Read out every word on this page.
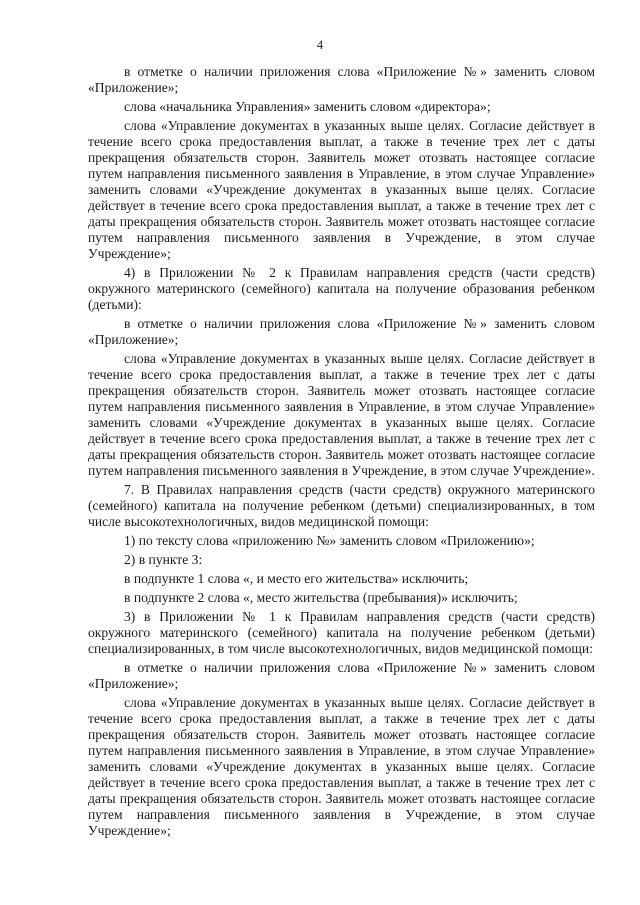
4

в отметке о наличии приложения слова «Приложение №» заменить словом «Приложение»;

слова «начальника Управления» заменить словом «директора»;

слова «Управление документах в указанных выше целях. Согласие действует в течение всего срока предоставления выплат, а также в течение трех лет с даты прекращения обязательств сторон. Заявитель может отозвать настоящее согласие путем направления письменного заявления в Управление, в этом случае Управление» заменить словами «Учреждение документах в указанных выше целях. Согласие действует в течение всего срока предоставления выплат, а также в течение трех лет с даты прекращения обязательств сторон. Заявитель может отозвать настоящее согласие путем направления письменного заявления в Учреждение, в этом случае Учреждение»;

4) в Приложении № 2 к Правилам направления средств (части средств) окружного материнского (семейного) капитала на получение образования ребенком (детьми):

в отметке о наличии приложения слова «Приложение №» заменить словом «Приложение»;

слова «Управление документах в указанных выше целях. Согласие действует в течение всего срока предоставления выплат, а также в течение трех лет с даты прекращения обязательств сторон. Заявитель может отозвать настоящее согласие путем направления письменного заявления в Управление, в этом случае Управление» заменить словами «Учреждение документах в указанных выше целях. Согласие действует в течение всего срока предоставления выплат, а также в течение трех лет с даты прекращения обязательств сторон. Заявитель может отозвать настоящее согласие путем направления письменного заявления в Учреждение, в этом случае Учреждение».

7. В Правилах направления средств (части средств) окружного материнского (семейного) капитала на получение ребенком (детьми) специализированных, в том числе высокотехнологичных, видов медицинской помощи:

1) по тексту слова «приложению №» заменить словом «Приложению»;

2) в пункте 3:

в подпункте 1 слова «, и место его жительства» исключить;

в подпункте 2 слова «, место жительства (пребывания)» исключить;

3) в Приложении № 1 к Правилам направления средств (части средств) окружного материнского (семейного) капитала на получение ребенком (детьми) специализированных, в том числе высокотехнологичных, видов медицинской помощи:

в отметке о наличии приложения слова «Приложение №» заменить словом «Приложение»;

слова «Управление документах в указанных выше целях. Согласие действует в течение всего срока предоставления выплат, а также в течение трех лет с даты прекращения обязательств сторон. Заявитель может отозвать настоящее согласие путем направления письменного заявления в Управление, в этом случае Управление» заменить словами «Учреждение документах в указанных выше целях. Согласие действует в течение всего срока предоставления выплат, а также в течение трех лет с даты прекращения обязательств сторон. Заявитель может отозвать настоящее согласие путем направления письменного заявления в Учреждение, в этом случае Учреждение»;
